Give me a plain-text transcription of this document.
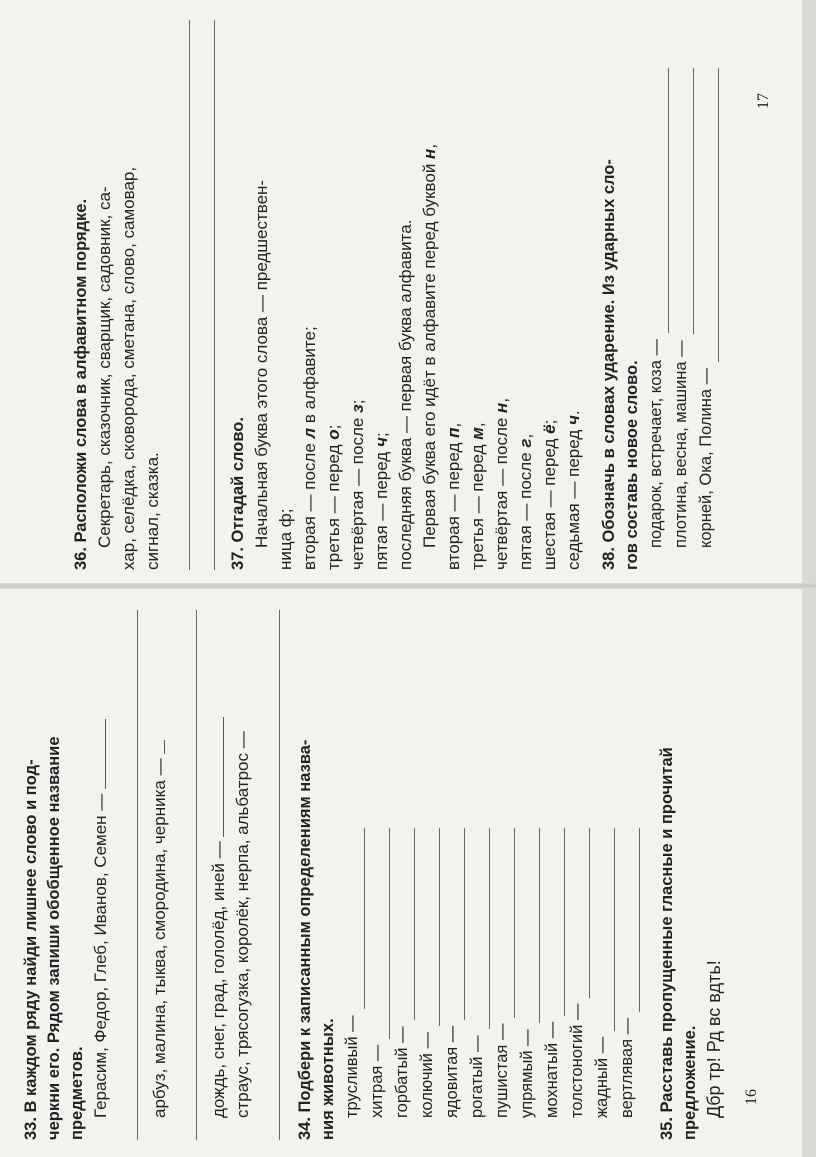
33. В каждом ряду найди лишнее слово и под- черкни его. Рядом запиши обобщенное название предметов. Герасим, Федор, Глеб, Иванов, Семен — арбуз, малина, тыква, смородина, черника — дождь, снег, град, гололёд, иней — страус, трясогузка, королёк, нерпа, альбатрос —	34. Подбери к записанным определениям назва- ния животных. трусливый — хитрая — горбатый — колючий — ядовитая — рогатый — пушистая — упрямый — мохнатый — толстоногий — жадный — вертлявая — 35. Расставь пропущенные гласные и прочитай предложение. Дбр тр! Рд вс вдть! 16
36. Расположи слова в алфавитном порядке. Секретарь, сказочник, сварщик, садовник, са- хар, селёдка, сковорода, сметана, слово, самовар, сигнал, сказка.	37. Отгадай слово. Начальная буква этого слова — предшествен- ница ф; вторая — после л в алфавите;
третья — перед о; четвёртая — после з;
пятая — перед ч; последняя буква — первая буква алфавита. Первая буква его идёт в алфавите перед буквой н,
вторая — перед п,
третья — перед м, четвёртая — после н,
пятая — после г, шестая — перед ё;
седьмая — перед ч. 38. Обозначь в словах ударение. Из ударных сло- гов составь новое слово. подарок, встречает, коза — плотина, весна, машина — корней, Ока, Полина —
17
